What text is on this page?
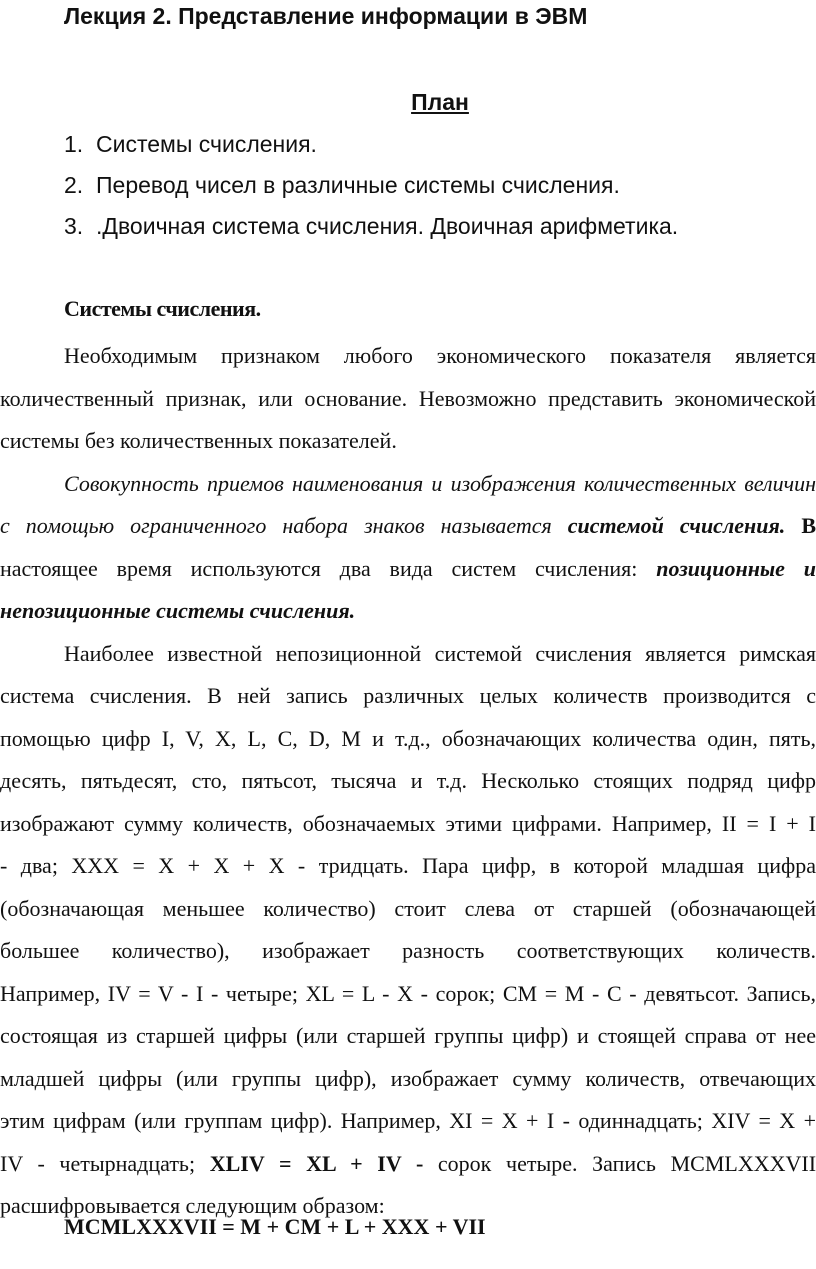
Лекция 2. Представление информации в ЭВМ
План
1. Системы счисления.
2. Перевод чисел в различные системы счисления.
3. .Двоичная система счисления. Двоичная арифметика.
Системы счисления.
Необходимым признаком любого экономического показателя является
количественный признак, или основание. Невозможно представить экономической
системы без количественных показателей.
Совокупность приемов наименования и изображения количественных величин
с помощью ограниченного набора знаков называется системой счисления. В
настоящее время используются два вида систем счисления: позиционные и
непозиционные системы счисления.
Наиболее известной непозиционной системой счисления является римская
система счисления. В ней запись различных целых количеств производится с
помощью цифр I, V, X, L, C, D, M и т.д., обозначающих количества один, пять,
десять, пятьдесят, сто, пятьсот, тысяча и т.д. Несколько стоящих подряд цифр
изображают сумму количеств, обозначаемых этими цифрами. Например, II = I + I
- два; XXX = X + X + X - тридцать. Пара цифр, в которой младшая цифра
(обозначающая меньшее количество) стоит слева от старшей (обозначающей
большее количество), изображает разность соответствующих количеств.
Например, IV = V - I - четыре; XL = L - X - сорок; CM = M - C - девятьсот. Запись,
состоящая из старшей цифры (или старшей группы цифр) и стоящей справа от нее
младшей цифры (или группы цифр), изображает сумму количеств, отвечающих
этим цифрам (или группам цифр). Например, XI = X + I - одиннадцать; XIV = X +
IV - четырнадцать; XLIV = XL + IV - сорок четыре. Запись MCMLXXXVII
расшифровывается следующим образом:
MCMLXXXVII = M + CM + L + XXX + VII
